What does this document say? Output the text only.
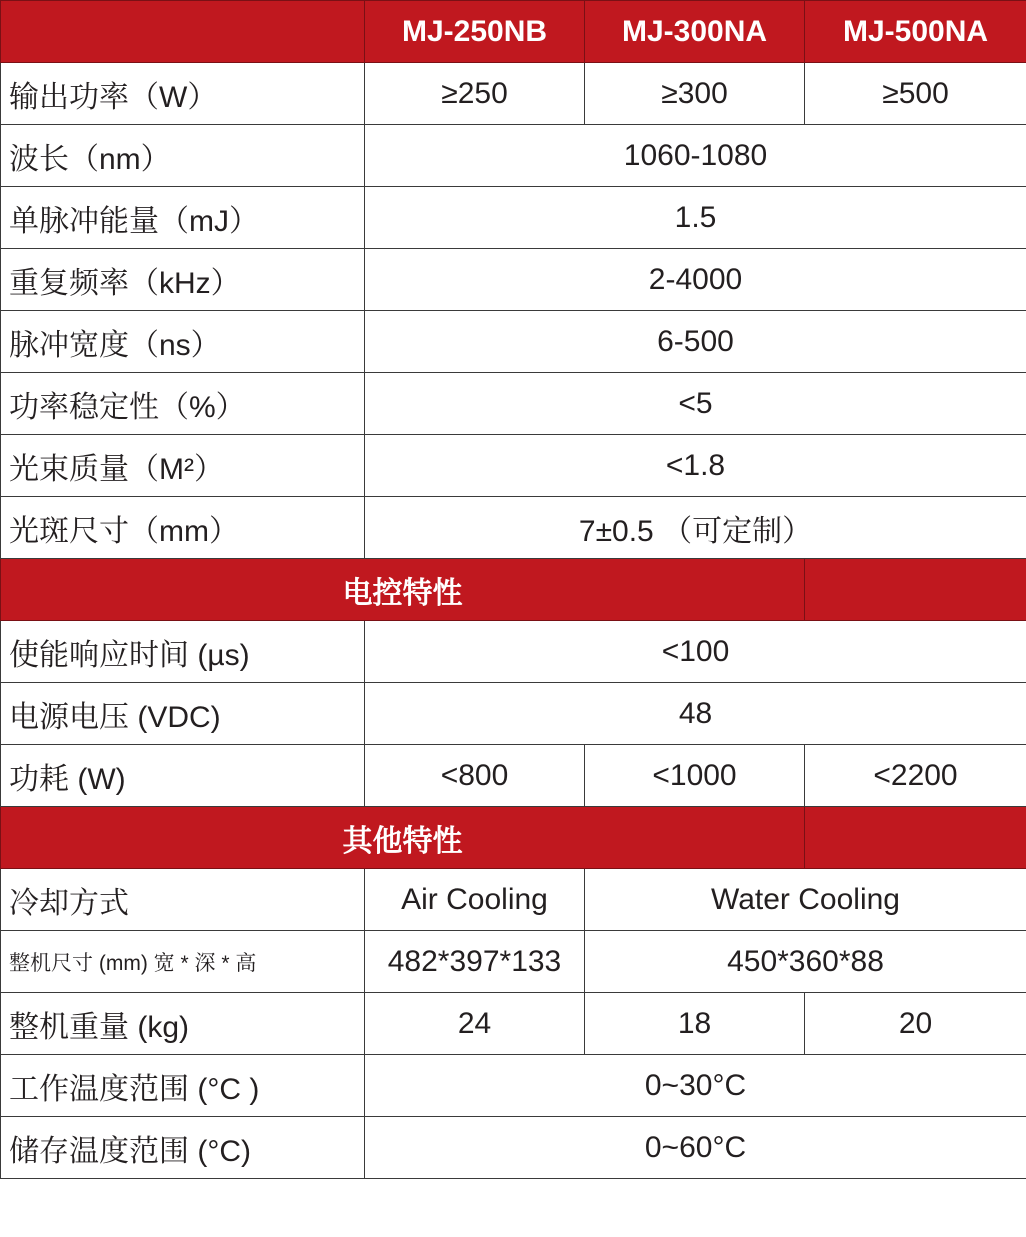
	MJ-250NB	MJ-300NA	MJ-500NA
输出功率（W）	≥250	≥300	≥500
波长（nm）	1060-1080		
单脉冲能量（mJ）	1.5		
重复频率（kHz）	2-4000		
脉冲宽度（ns）	6-500		
功率稳定性（%）	<5		
光束质量（M²）	<1.8		
光斑尺寸（mm）	7±0.5 （可定制）		
电控特性			
使能响应时间 (µs)	<100		
电源电压 (VDC)	48		
功耗 (W)	<800	<1000	<2200
其他特性			
冷却方式	Air Cooling	Water Cooling	
整机尺寸 (mm) 宽 * 深 * 高	482*397*133	450*360*88	
整机重量 (kg)	24	18	20
工作温度范围 (°C )	0~30°C		
储存温度范围 (°C)	0~60°C		
